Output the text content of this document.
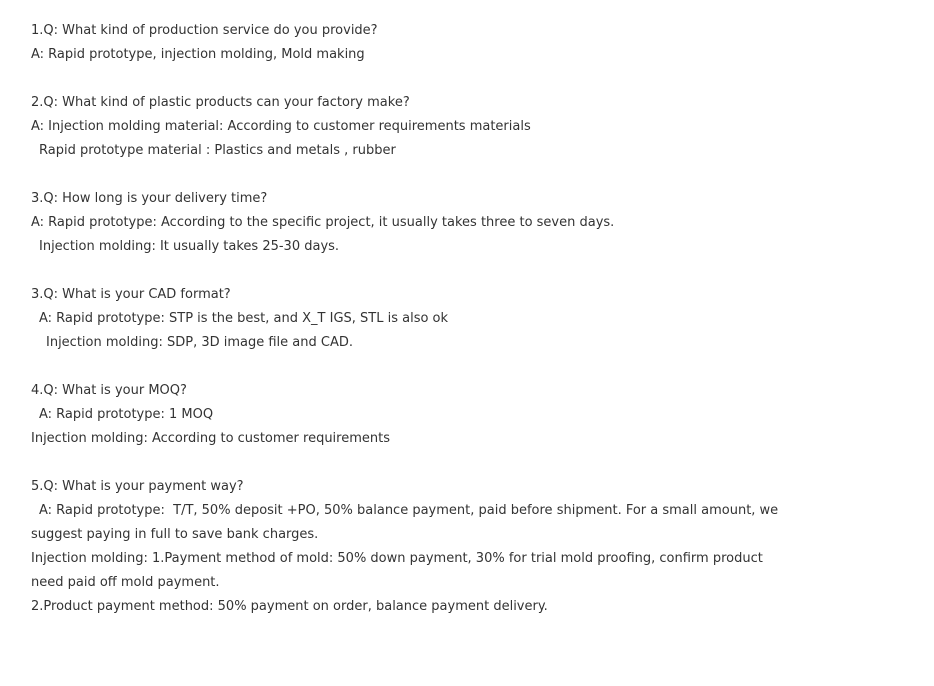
1.Q: What kind of production service do you provide?

A: Rapid prototype, injection molding, Mold making

2.Q: What kind of plastic products can your factory make?

A: Injection molding material: According to customer requirements materials

Rapid prototype material : Plastics and metals , rubber

3.Q: How long is your delivery time?

A: Rapid prototype: According to the specific project, it usually takes three to seven days.

Injection molding: It usually takes 25-30 days.

3.Q: What is your CAD format?

A: Rapid prototype: STP is the best, and X_T IGS, STL is also ok

Injection molding: SDP, 3D image file and CAD.

4.Q: What is your MOQ?

A: Rapid prototype: 1 MOQ

Injection molding: According to customer requirements

5.Q: What is your payment way?

A: Rapid prototype:  T/T, 50% deposit +PO, 50% balance payment, paid before shipment. For a small amount, we

suggest paying in full to save bank charges.

Injection molding: 1.Payment method of mold: 50% down payment, 30% for trial mold proofing, confirm product

need paid off mold payment.

2.Product payment method: 50% payment on order, balance payment delivery.
